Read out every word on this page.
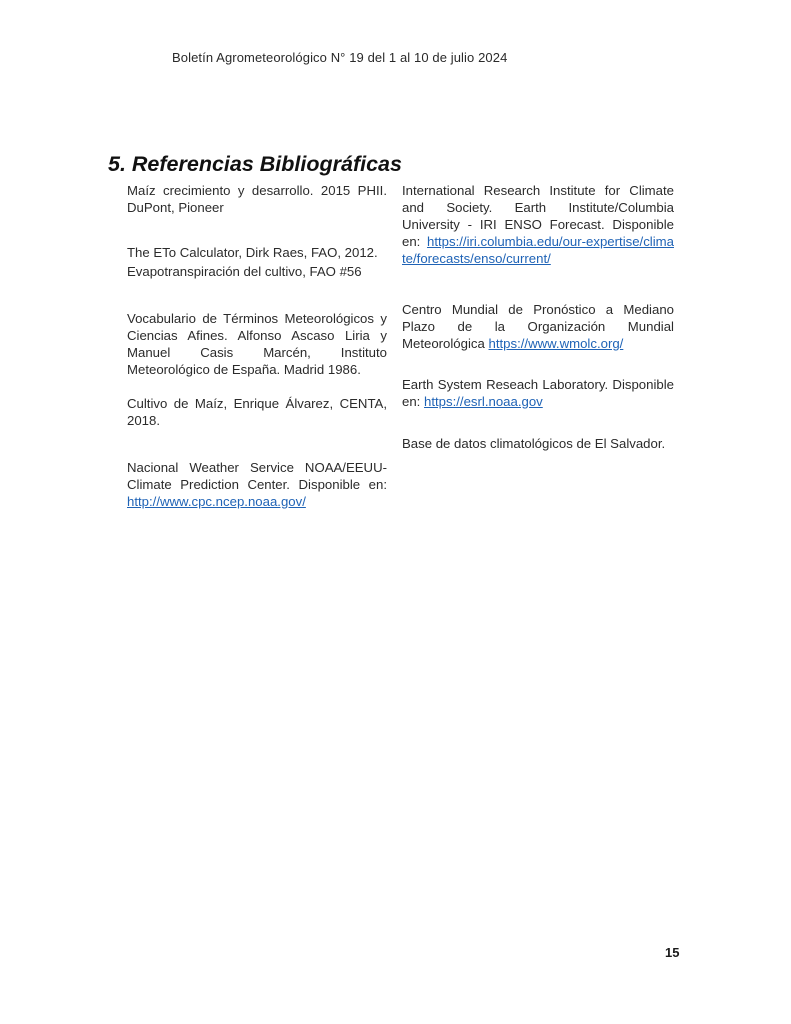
Boletín Agrometeorológico N° 19 del 1 al 10 de julio 2024
5. Referencias Bibliográficas

Maíz crecimiento y desarrollo. 2015 PHII. DuPont, Pioneer

The ETo Calculator, Dirk Raes, FAO, 2012.

Evapotranspiración del cultivo, FAO #56

Vocabulario de Términos Meteorológicos y Ciencias Afines. Alfonso Ascaso Liria y Manuel Casis Marcén, Instituto Meteorológico de España. Madrid 1986.

Cultivo de Maíz, Enrique Álvarez, CENTA, 2018.

Nacional Weather Service NOAA/EEUU-Climate Prediction Center. Disponible en: http://www.cpc.ncep.noaa.gov/

International Research Institute for Climate and Society. Earth Institute/Columbia University - IRI ENSO Forecast. Disponible en: https://iri.columbia.edu/our-expertise/climate/forecasts/enso/current/

Centro Mundial de Pronóstico a Mediano Plazo de la Organización Mundial Meteorológica https://www.wmolc.org/

Earth System Reseach Laboratory. Disponible en: https://esrl.noaa.gov

Base de datos climatológicos de El Salvador.

15
